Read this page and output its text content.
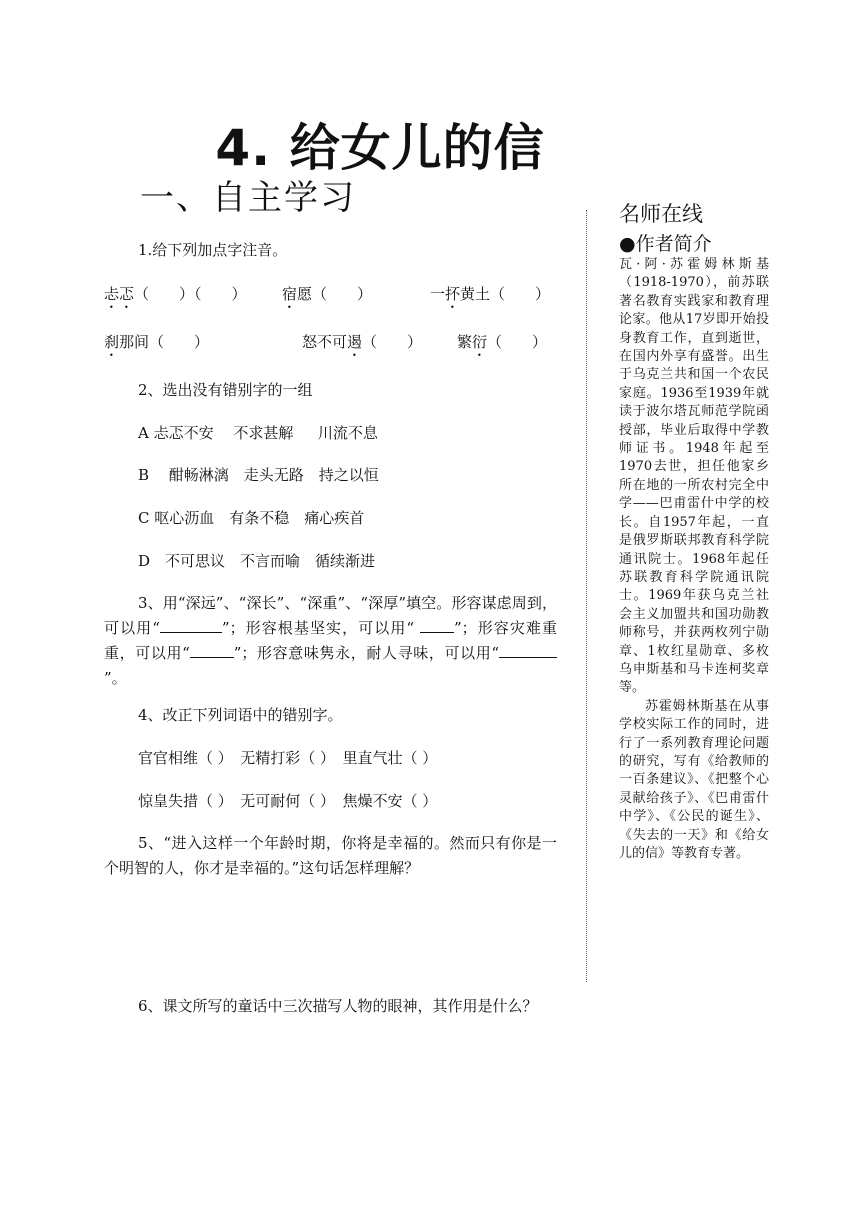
4. 给女儿的信
一、自主学习
1.给下列加点字注音。
忐忑（　　）（　　） 宿愿（　　）	一抔黄土（　　）
刹那间（　　）	怒不可遏（　　） 繁衍（　　）
2、选出没有错别字的一组
A 忐忑不安　 不求甚解 　 川流不息
B 　酣畅淋漓　走头无路　持之以恒
C 呕心沥血　有条不稳　痛心疾首
D　不可思议　不言而喻　循续渐进
3、用“深远”、“深长”、“深重”、“深厚”填空。形容谋虑周到，可以用“	”；形容根基坚实，可以用“ ”；形容灾难重重，可以用“	”；形容意味隽永，耐人寻味，可以用“”。
4、改正下列词语中的错别字。
官官相维（ ）　无精打彩（ ）　里直气壮（ ）
惊皇失措（ ）　无可耐何（ ）　焦燥不安（ ）
5、“进入这样一个年龄时期，你将是幸福的。然而只有你是一个明智的人，你才是幸福的。”这句话怎样理解？
6、课文所写的童话中三次描写人物的眼神，其作用是什么？
名师在线
●作者简介

瓦·阿·苏霍姆林斯基（1918-1970），前苏联著名教育实践家和教育理论家。他从17岁即开始投身教育工作，直到逝世，在国内外享有盛誉。出生于乌克兰共和国一个农民家庭。1936至1939年就读于波尔塔瓦师范学院函授部，毕业后取得中学教师证书。1948年起至1970去世，担任他家乡所在地的一所农村完全中学——巴甫雷什中学的校长。自1957年起，一直是俄罗斯联邦教育科学院通讯院士。1968年起任苏联教育科学院通讯院士。1969年获乌克兰社会主义加盟共和国功勋教师称号，并获两枚列宁勋章、1枚红星勋章、多枚乌申斯基和马卡连柯奖章等。

苏霍姆林斯基在从事学校实际工作的同时，进行了一系列教育理论问题的研究，写有《给教师的一百条建议》、《把整个心灵献给孩子》、《巴甫雷什中学》、《公民的诞生》、《失去的一天》和《给女儿的信》等教育专著。
